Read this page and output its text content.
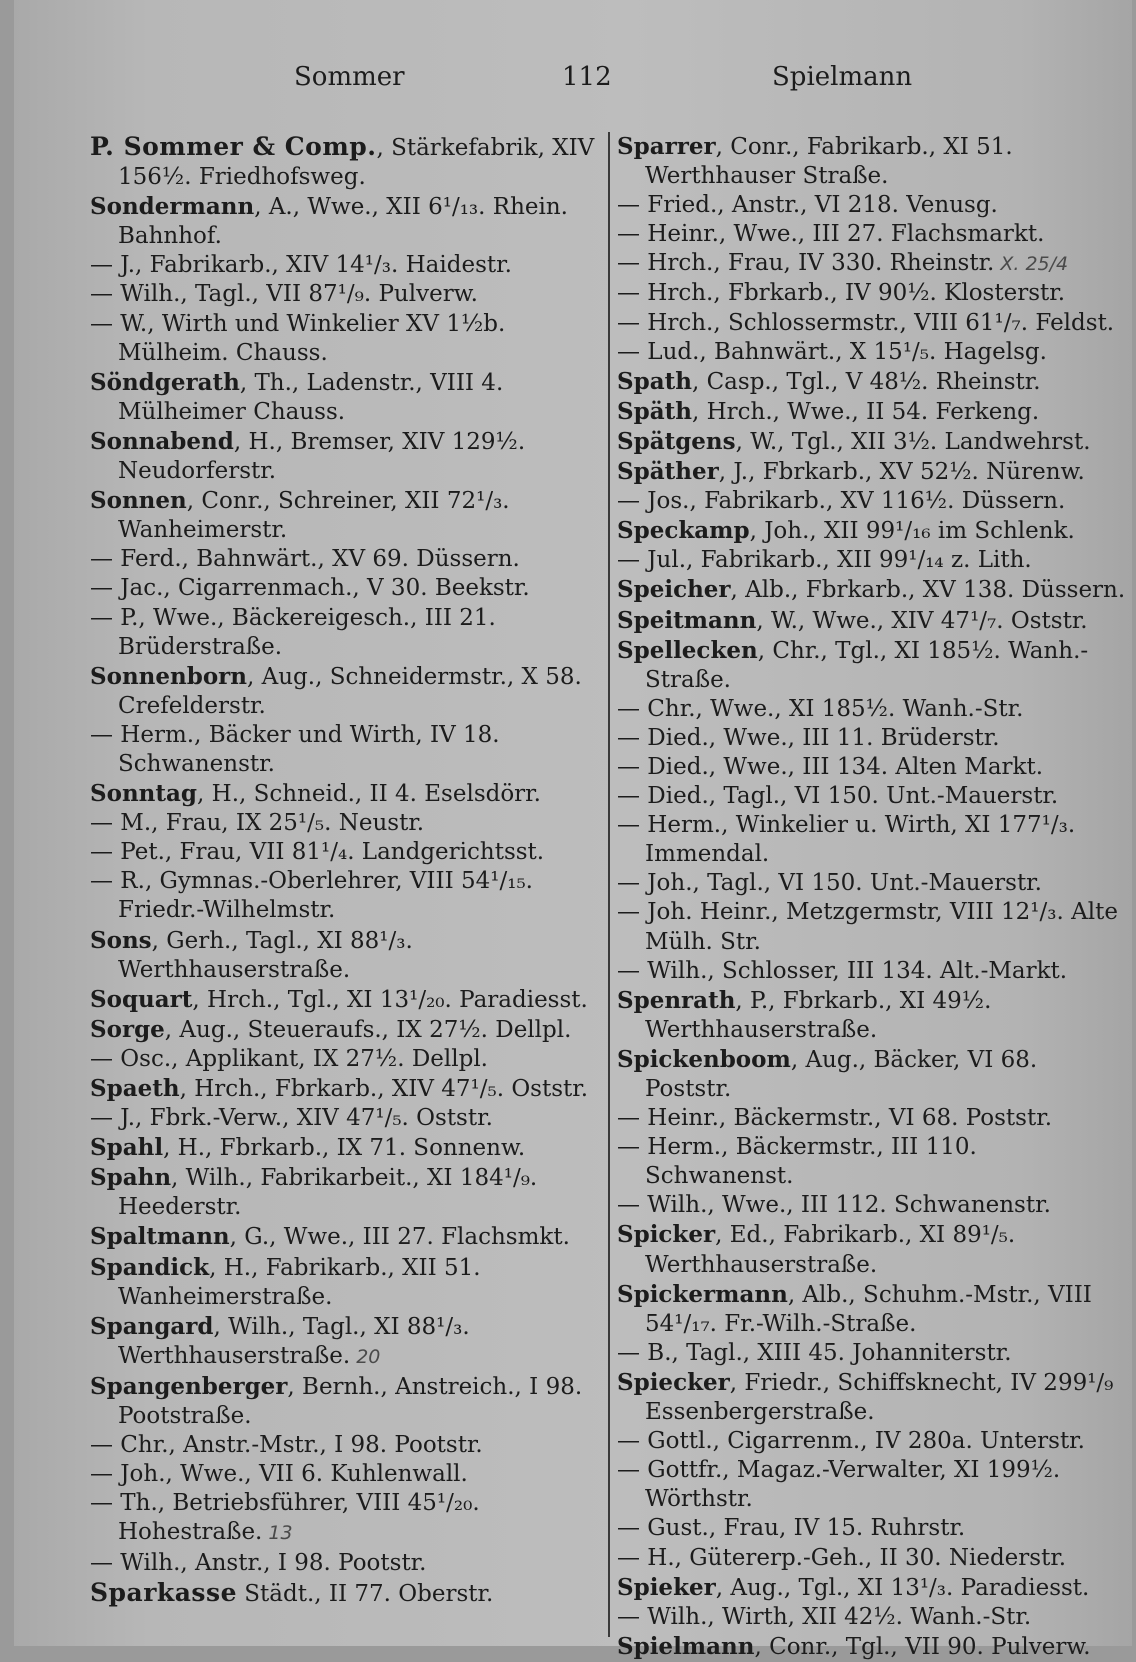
Sommer	112	Spielmann

P. Sommer & Comp., Stärkefabrik, XIV 156½. Friedhofsweg.

Sondermann, A., Wwe., XII 6¹/₁₃. Rhein. Bahnhof.

— J., Fabrikarb., XIV 14¹/₃. Haidestr.

— Wilh., Tagl., VII 87¹/₉. Pulverw.

— W., Wirth und Winkelier XV 1½b. Mülheim. Chauss.

Söndgerath, Th., Ladenstr., VIII 4. Mülheimer Chauss.

Sonnabend, H., Bremser, XIV 129½. Neudorferstr.

Sonnen, Conr., Schreiner, XII 72¹/₃. Wanheimerstr.

— Ferd., Bahnwärt., XV 69. Düssern.

— Jac., Cigarrenmach., V 30. Beekstr.

— P., Wwe., Bäckereigesch., III 21. Brüderstraße.

Sonnenborn, Aug., Schneidermstr., X 58. Crefelderstr.

— Herm., Bäcker und Wirth, IV 18. Schwanenstr.

Sonntag, H., Schneid., II 4. Eselsdörr.

— M., Frau, IX 25¹/₅. Neustr.

— Pet., Frau, VII 81¹/₄. Landgerichtsst.

— R., Gymnas.-Oberlehrer, VIII 54¹/₁₅. Friedr.-Wilhelmstr.

Sons, Gerh., Tagl., XI 88¹/₃. Werthhauserstraße.

Soquart, Hrch., Tgl., XI 13¹/₂₀. Paradiesst.

Sorge, Aug., Steueraufs., IX 27½. Dellpl.

— Osc., Applikant, IX 27½. Dellpl.

Spaeth, Hrch., Fbrkarb., XIV 47¹/₅. Oststr.

— J., Fbrk.-Verw., XIV 47¹/₅. Oststr.

Spahl, H., Fbrkarb., IX 71. Sonnenw.

Spahn, Wilh., Fabrikarbeit., XI 184¹/₉. Heederstr.

Spaltmann, G., Wwe., III 27. Flachsmkt.

Spandick, H., Fabrikarb., XII 51. Wanheimerstraße.

Spangard, Wilh., Tagl., XI 88¹/₃. Werthhauserstraße. 20

Spangenberger, Bernh., Anstreich., I 98. Pootstraße.

— Chr., Anstr.-Mstr., I 98. Pootstr.

— Joh., Wwe., VII 6. Kuhlenwall.

— Th., Betriebsführer, VIII 45¹/₂₀. Hohestraße. 13

— Wilh., Anstr., I 98. Pootstr.

Sparkasse Städt., II 77. Oberstr.

Sparrer, Conr., Fabrikarb., XI 51. Werthhauser Straße.

— Fried., Anstr., VI 218. Venusg.

— Heinr., Wwe., III 27. Flachsmarkt.

— Hrch., Frau, IV 330. Rheinstr. X. 25/4

— Hrch., Fbrkarb., IV 90½. Klosterstr.

— Hrch., Schlossermstr., VIII 61¹/₇. Feldst.

— Lud., Bahnwärt., X 15¹/₅. Hagelsg.

Spath, Casp., Tgl., V 48½. Rheinstr.

Späth, Hrch., Wwe., II 54. Ferkeng.

Spätgens, W., Tgl., XII 3½. Landwehrst.

Späther, J., Fbrkarb., XV 52½. Nürenw.

— Jos., Fabrikarb., XV 116½. Düssern.

Speckamp, Joh., XII 99¹/₁₆ im Schlenk.

— Jul., Fabrikarb., XII 99¹/₁₄ z. Lith.

Speicher, Alb., Fbrkarb., XV 138. Düssern.

Speitmann, W., Wwe., XIV 47¹/₇. Oststr.

Spellecken, Chr., Tgl., XI 185½. Wanh.-Straße.

— Chr., Wwe., XI 185½. Wanh.-Str.

— Died., Wwe., III 11. Brüderstr.

— Died., Wwe., III 134. Alten Markt.

— Died., Tagl., VI 150. Unt.-Mauerstr.

— Herm., Winkelier u. Wirth, XI 177¹/₃. Immendal.

— Joh., Tagl., VI 150. Unt.-Mauerstr.

— Joh. Heinr., Metzgermstr, VIII 12¹/₃. Alte Mülh. Str.

— Wilh., Schlosser, III 134. Alt.-Markt.

Spenrath, P., Fbrkarb., XI 49½. Werthhauserstraße.

Spickenboom, Aug., Bäcker, VI 68. Poststr.

— Heinr., Bäckermstr., VI 68. Poststr.

— Herm., Bäckermstr., III 110. Schwanenst.

— Wilh., Wwe., III 112. Schwanenstr.

Spicker, Ed., Fabrikarb., XI 89¹/₅. Werthhauserstraße.

Spickermann, Alb., Schuhm.-Mstr., VIII 54¹/₁₇. Fr.-Wilh.-Straße.

— B., Tagl., XIII 45. Johanniterstr.

Spiecker, Friedr., Schiffsknecht, IV 299¹/₉ Essenbergerstraße.

— Gottl., Cigarrenm., IV 280a. Unterstr.

— Gottfr., Magaz.-Verwalter, XI 199½. Wörthstr.

— Gust., Frau, IV 15. Ruhrstr.

— H., Gütererp.-Geh., II 30. Niederstr.

Spieker, Aug., Tgl., XI 13¹/₃. Paradiesst.

— Wilh., Wirth, XII 42½. Wanh.-Str.

Spielmann, Conr., Tgl., VII 90. Pulverw.
